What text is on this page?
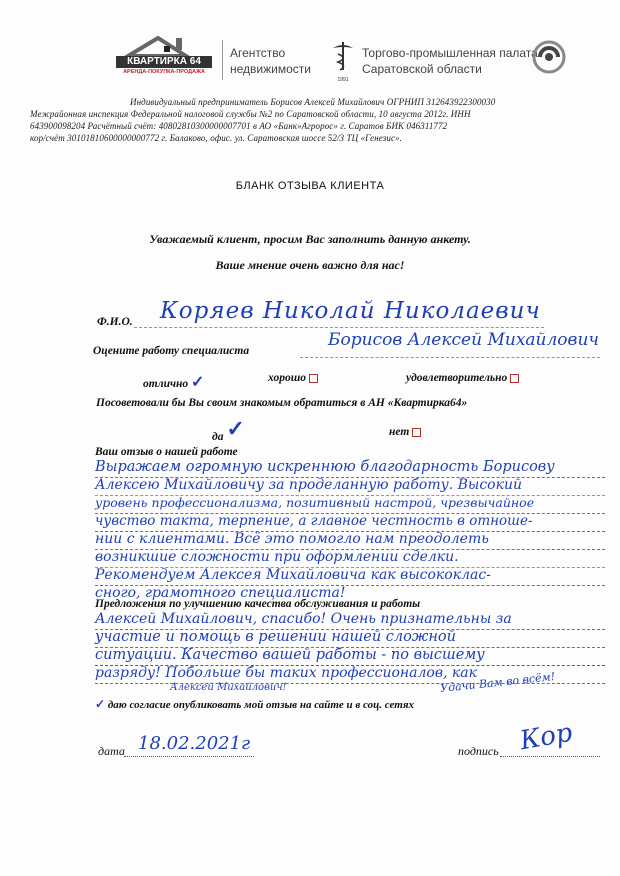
КВАРТИРКА 64
АРЕНДА-ПОКУПКА-ПРОДАЖА
Агентство
недвижимости
1991
Торгово-промышленная палата
Саратовской области
Индивидуальный предприниматель Борисов Алексей Михайлович ОГРНИП 312643922300030
Межрайонная инспекция Федеральной налоговой службы №2 по Саратовской области, 10 августа 2012г. ИНН
643900098204 Расчётный счёт: 40802810300000007701 в АО «Банк»Агророс» г. Саратов БИК 046311772
кор/счёт 30101810600000000772 г. Балаково, офис. ул. Саратовская шоссе 52/3 ТЦ «Генезис».
БЛАНК ОТЗЫВА КЛИЕНТА
Уважаемый клиент, просим Вас заполнить данную анкету.
Ваше мнение очень важно для нас!
Ф.И.О. Коряев Николай Николаевич
Оцените работу специалиста
Борисов Алексей Михайлович
отлично ✓	хорошо	удовлетворительно
Посоветовали бы Вы своим знакомым обратиться в АН «Квартирка64»
да ✓	нет
Ваш отзыв о нашей работе
Выражаем огромную искреннюю благодарность Борисову
Алексею Михайловичу за проделанную работу. Высокий
уровень профессионализма, позитивный настрой, чрезвычайное
чувство такта, терпение, а главное честность в отноше-
нии с клиентами. Всё это помогло нам преодолеть
возникшие сложности при оформлении сделки.
Рекомендуем Алексея Михайловича как высококлас-
сного, грамотного специалиста!
Предложения по улучшению качества обслуживания и работы
Алексей Михайлович, спасибо! Очень признательны за
участие и помощь в решении нашей сложной
ситуации. Качество вашей работы - по высшему
разряду! Побольше бы таких профессионалов, как
Удачи Вам во всём!
Алексей Михайлович!
✓ даю согласие опубликовать мой отзыв на сайте и в соц. сетях
дата 18.02.2021г	подпись Кор
